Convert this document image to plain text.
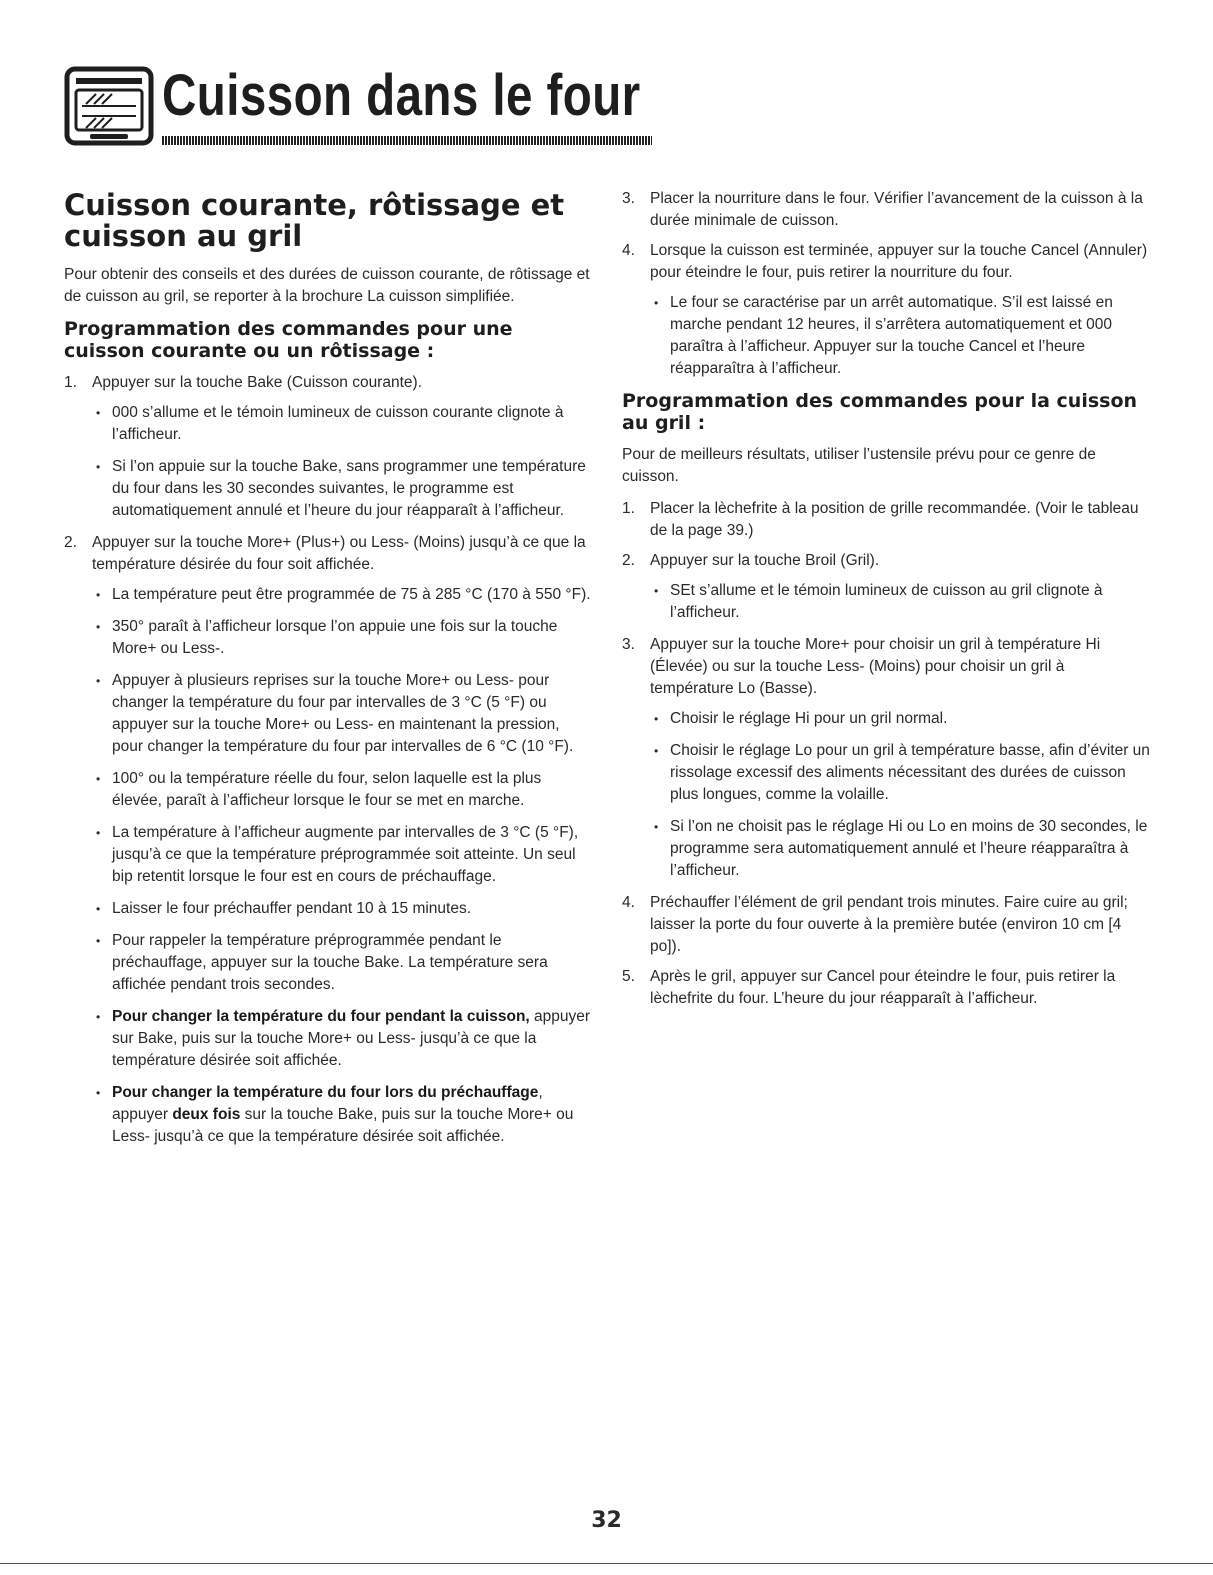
Cuisson dans le four
Cuisson courante, rôtissage et cuisson au gril

Pour obtenir des conseils et des durées de cuisson courante, de rôtissage et de cuisson au gril, se reporter à la brochure La cuisson simplifiée.

Programmation des commandes pour une cuisson courante ou un rôtissage :
1. Appuyer sur la touche Bake (Cuisson courante).
• 000 s’allume et le témoin lumineux de cuisson courante clignote à l’afficheur.
• Si l’on appuie sur la touche Bake, sans programmer une température du four dans les 30 secondes suivantes, le programme est automatiquement annulé et l’heure du jour réapparaît à l’afficheur.
2. Appuyer sur la touche More+ (Plus+) ou Less- (Moins) jusqu’à ce que la température désirée du four soit affichée.
• La température peut être programmée de 75 à 285 °C (170 à 550 °F).
• 350° paraît à l’afficheur lorsque l’on appuie une fois sur la touche More+ ou Less-.
• Appuyer à plusieurs reprises sur la touche More+ ou Less- pour changer la température du four par intervalles de 3 °C (5 °F) ou appuyer sur la touche More+ ou Less- en maintenant la pression, pour changer la température du four par intervalles de 6 °C (10 °F).
• 100° ou la température réelle du four, selon laquelle est la plus élevée, paraît à l’afficheur lorsque le four se met en marche.
• La température à l’afficheur augmente par intervalles de 3 °C (5 °F), jusqu’à ce que la température préprogrammée soit atteinte. Un seul bip retentit lorsque le four est en cours de préchauffage.
• Laisser le four préchauffer pendant 10 à 15 minutes.
• Pour rappeler la température préprogrammée pendant le préchauffage, appuyer sur la touche Bake. La température sera affichée pendant trois secondes.
• Pour changer la température du four pendant la cuisson, appuyer sur Bake, puis sur la touche More+ ou Less- jusqu’à ce que la température désirée soit affichée.
• Pour changer la température du four lors du préchauffage, appuyer deux fois sur la touche Bake, puis sur la touche More+ ou Less- jusqu’à ce que la température désirée soit affichée.
3. Placer la nourriture dans le four. Vérifier l’avancement de la cuisson à la durée minimale de cuisson.
4. Lorsque la cuisson est terminée, appuyer sur la touche Cancel (Annuler) pour éteindre le four, puis retirer la nourriture du four.
• Le four se caractérise par un arrêt automatique. S’il est laissé en marche pendant 12 heures, il s’arrêtera automatiquement et 000 paraîtra à l’afficheur. Appuyer sur la touche Cancel et l’heure réapparaîtra à l’afficheur.
Programmation des commandes pour la cuisson au gril :

Pour de meilleurs résultats, utiliser l’ustensile prévu pour ce genre de cuisson.

1. Placer la lèchefrite à la position de grille recommandée. (Voir le tableau de la page 39.)
2. Appuyer sur la touche Broil (Gril).
• SEt s’allume et le témoin lumineux de cuisson au gril clignote à l’afficheur.
3. Appuyer sur la touche More+ pour choisir un gril à température Hi (Élevée) ou sur la touche Less- (Moins) pour choisir un gril à température Lo (Basse).
• Choisir le réglage Hi pour un gril normal.
• Choisir le réglage Lo pour un gril à température basse, afin d’éviter un rissolage excessif des aliments nécessitant des durées de cuisson plus longues, comme la volaille.
• Si l’on ne choisit pas le réglage Hi ou Lo en moins de 30 secondes, le programme sera automatiquement annulé et l’heure réapparaîtra à l’afficheur.
4. Préchauffer l’élément de gril pendant trois minutes. Faire cuire au gril; laisser la porte du four ouverte à la première butée (environ 10 cm [4 po]).
5. Après le gril, appuyer sur Cancel pour éteindre le four, puis retirer la lèchefrite du four. L’heure du jour réapparaît à l’afficheur.
32
